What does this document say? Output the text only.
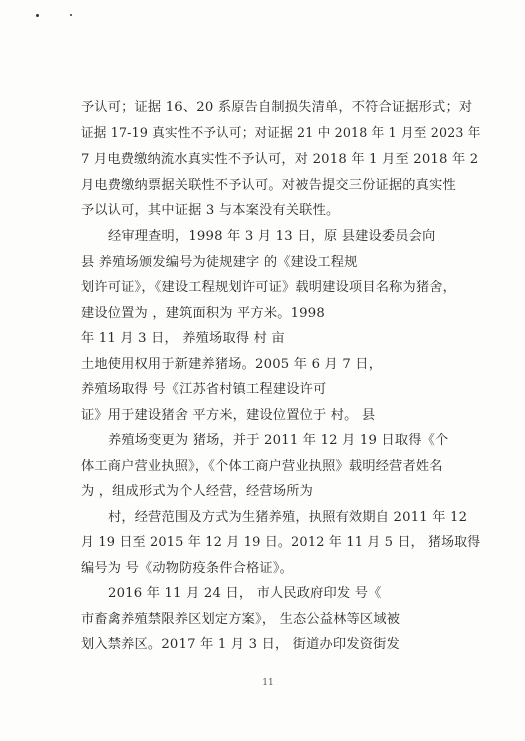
予认可；证据 16、20 系原告自制损失清单，不符合证据形式；对
证据 17-19 真实性不予认可；对证据 21 中 2018 年 1 月至 2023 年
7 月电费缴纳流水真实性不予认可，对 2018 年 1 月至 2018 年 2
月电费缴纳票据关联性不予认可。对被告提交三份证据的真实性
予以认可，其中证据 3 与本案没有关联性。
经审理查明，1998 年 3 月 13 日，原 县建设委员会向
县 养殖场颁发编号为徒规建字 的《建设工程规
划许可证》，《建设工程规划许可证》载明建设项目名称为猪舍，
建设位置为 ，建筑面积为 平方米。1998
年 11 月 3 日， 养殖场取得 村 亩
土地使用权用于新建养猪场。2005 年 6 月 7 日，
养殖场取得 号《江苏省村镇工程建设许可
证》用于建设猪舍 平方米，建设位置位于 村。 县
养殖场变更为 猪场，并于 2011 年 12 月 19 日取得《个
体工商户营业执照》，《个体工商户营业执照》载明经营者姓名
为 ，组成形式为个人经营，经营场所为
村，经营范围及方式为生猪养殖，执照有效期自 2011 年 12
月 19 日至 2015 年 12 月 19 日。2012 年 11 月 5 日， 猪场取得
编号为 号《动物防疫条件合格证》。
2016 年 11 月 24 日， 市人民政府印发 号《
市畜禽养殖禁限养区划定方案》， 生态公益林等区域被
划入禁养区。2017 年 1 月 3 日， 街道办印发资街发
11
